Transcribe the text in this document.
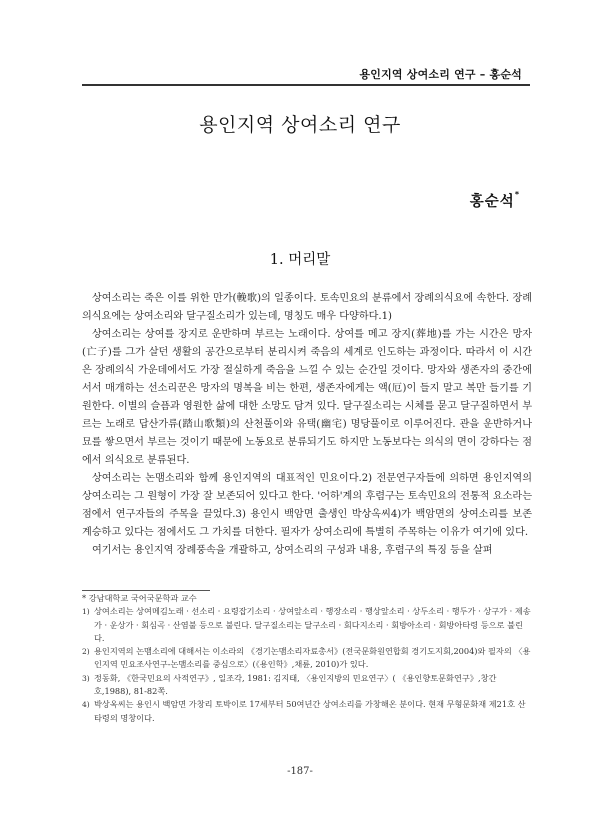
용인지역 상여소리 연구 – 홍순석
용인지역 상여소리 연구
홍순석*
1. 머리말

상여소리는 죽은 이를 위한 만가(輓歌)의 일종이다. 토속민요의 분류에서 장례의식요에 속한다. 장례의식요에는 상여소리와 달구질소리가 있는데, 명칭도 매우 다양하다.1)

상여소리는 상여를 장지로 운반하며 부르는 노래이다. 상여를 메고 장지(葬地)를 가는 시간은 망자(亡子)를 그가 살던 생활의 공간으로부터 분리시켜 죽음의 세계로 인도하는 과정이다. 따라서 이 시간은 장례의식 가운데에서도 가장 절실하게 죽음을 느낄 수 있는 순간일 것이다. 망자와 생존자의 중간에 서서 매개하는 선소리꾼은 망자의 명복을 비는 한편, 생존자에게는 액(厄)이 들지 말고 복만 들기를 기원한다. 이별의 슬픔과 영원한 삶에 대한 소망도 담겨 있다. 달구질소리는 시체를 묻고 달구질하면서 부르는 노래로 답산가류(踏山歌類)의 산천풀이와 유택(幽宅) 명당풀이로 이루어진다. 관을 운반하거나 묘를 쌓으면서 부르는 것이기 때문에 노동요로 분류되기도 하지만 노동보다는 의식의 면이 강하다는 점에서 의식요로 분류된다.

상여소리는 논맴소리와 함께 용인지역의 대표적인 민요이다.2) 전문연구자들에 의하면 용인지역의 상여소리는 그 원형이 가장 잘 보존되어 있다고 한다. '어하'계의 후렴구는 토속민요의 전통적 요소라는 점에서 연구자들의 주목을 끌었다.3) 용인시 백암면 출생인 박상옥씨4)가 백암면의 상여소리를 보존 계승하고 있다는 점에서도 그 가치를 더한다. 필자가 상여소리에 특별히 주목하는 이유가 여기에 있다.

여기서는 용인지역 장례풍속을 개괄하고, 상여소리의 구성과 내용, 후렴구의 특징 등을 살펴

* 강남대학교 국어국문학과 교수

1) 상여소리는 상여메김노래 · 선소리 · 요령잡기소리 · 상여앞소리 · 행장소리 · 행상앞소리 · 상두소리 · 행두가 · 상구가 · 제송가 · 운상가 · 회심곡 · 산염불 등으로 불린다. 달구질소리는 달구소리 · 회다지소리 · 회방아소리 · 회방아타령 등으로 불린다.
2) 용인지역의 논맴소리에 대해서는 이소라의 《경기논맴소리자료총서》(전국문화원연합회 경기도지회,2004)와 필자의 〈용인지역 민요조사연구-논맴소리를 중심으로〉(《용인학》,채륜, 2010)가 있다.
3) 정동화, 《한국민요의 사적연구》, 일조각, 1981: 김지태, 〈용인지방의 민요연구〉( 《용인향토문화연구》,창간호,1988), 81-82쪽.
4) 박상옥씨는 용인시 백암면 가창리 토박이로 17세부터 50여년간 상여소리를 가창해온 분이다. 현재 무형문화재 제21호 산타령의 명창이다.
-187-
